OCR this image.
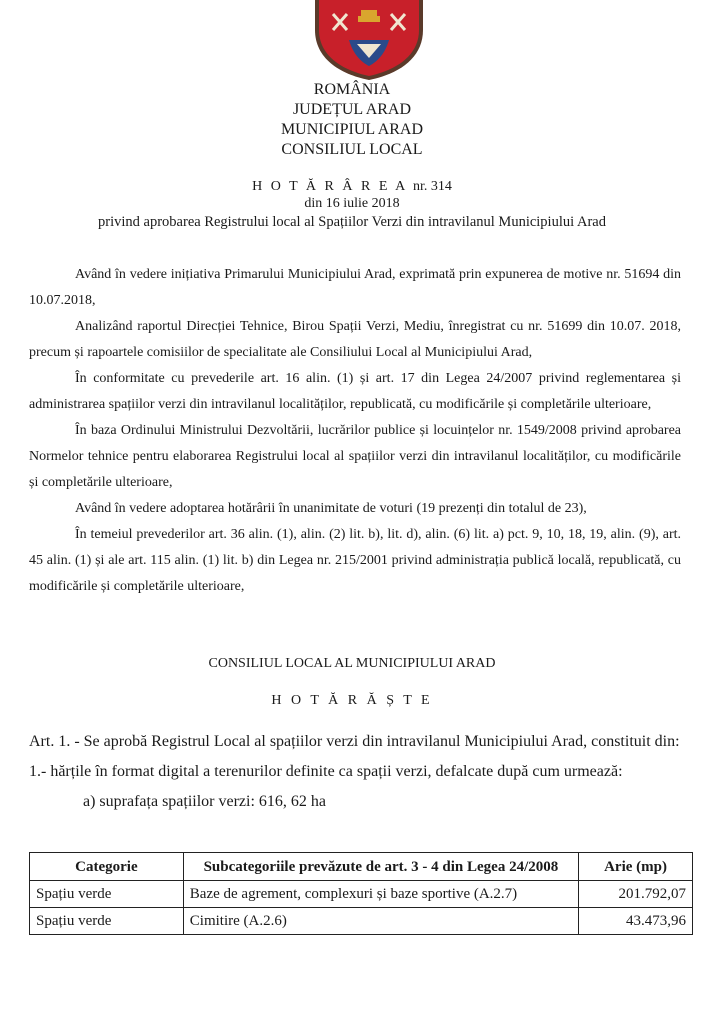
ROMÂNIA
JUDEȚUL ARAD
MUNICIPIUL ARAD
CONSILIUL LOCAL
H O T Ă R Â R E A nr. 314
din 16 iulie 2018
privind aprobarea Registrului local al Spațiilor Verzi din intravilanul Municipiului Arad

Având în vedere inițiativa Primarului Municipiului Arad, exprimată prin expunerea de motive nr. 51694 din 10.07.2018,

Analizând raportul Direcției Tehnice, Birou Spații Verzi, Mediu, înregistrat cu nr. 51699 din 10.07. 2018, precum și rapoartele comisiilor de specialitate ale Consiliului Local al Municipiului Arad,

În conformitate cu prevederile art. 16 alin. (1) și art. 17 din Legea 24/2007 privind reglementarea și administrarea spațiilor verzi din intravilanul localităților, republicată, cu modificările și completările ulterioare,

În baza Ordinului Ministrului Dezvoltării, lucrărilor publice și locuințelor nr. 1549/2008 privind aprobarea Normelor tehnice pentru elaborarea Registrului local al spațiilor verzi din intravilanul localităților, cu modificările și completările ulterioare,

Având în vedere adoptarea hotărârii în unanimitate de voturi (19 prezenți din totalul de 23),

În temeiul prevederilor art. 36 alin. (1), alin. (2) lit. b), lit. d), alin. (6) lit. a) pct. 9, 10, 18, 19, alin. (9), art. 45 alin. (1) și ale art. 115 alin. (1) lit. b) din Legea nr. 215/2001 privind administrația publică locală, republicată, cu modificările și completările ulterioare,

CONSILIUL LOCAL AL MUNICIPIULUI ARAD
H O T Ă R Ă Ș T E

Art. 1. - Se aprobă Registrul Local al spațiilor verzi din intravilanul Municipiului Arad, constituit din:

1.- hărțile în format digital a terenurilor definite ca spații verzi, defalcate după cum urmează:

a) suprafața spațiilor verzi: 616, 62 ha

Categorie	Subcategoriile prevăzute de art. 3 - 4 din Legea 24/2008	Arie (mp)
Spațiu verde	Baze de agrement, complexuri și baze sportive (A.2.7)	201.792,07
Spațiu verde	Cimitire (A.2.6)	43.473,96
